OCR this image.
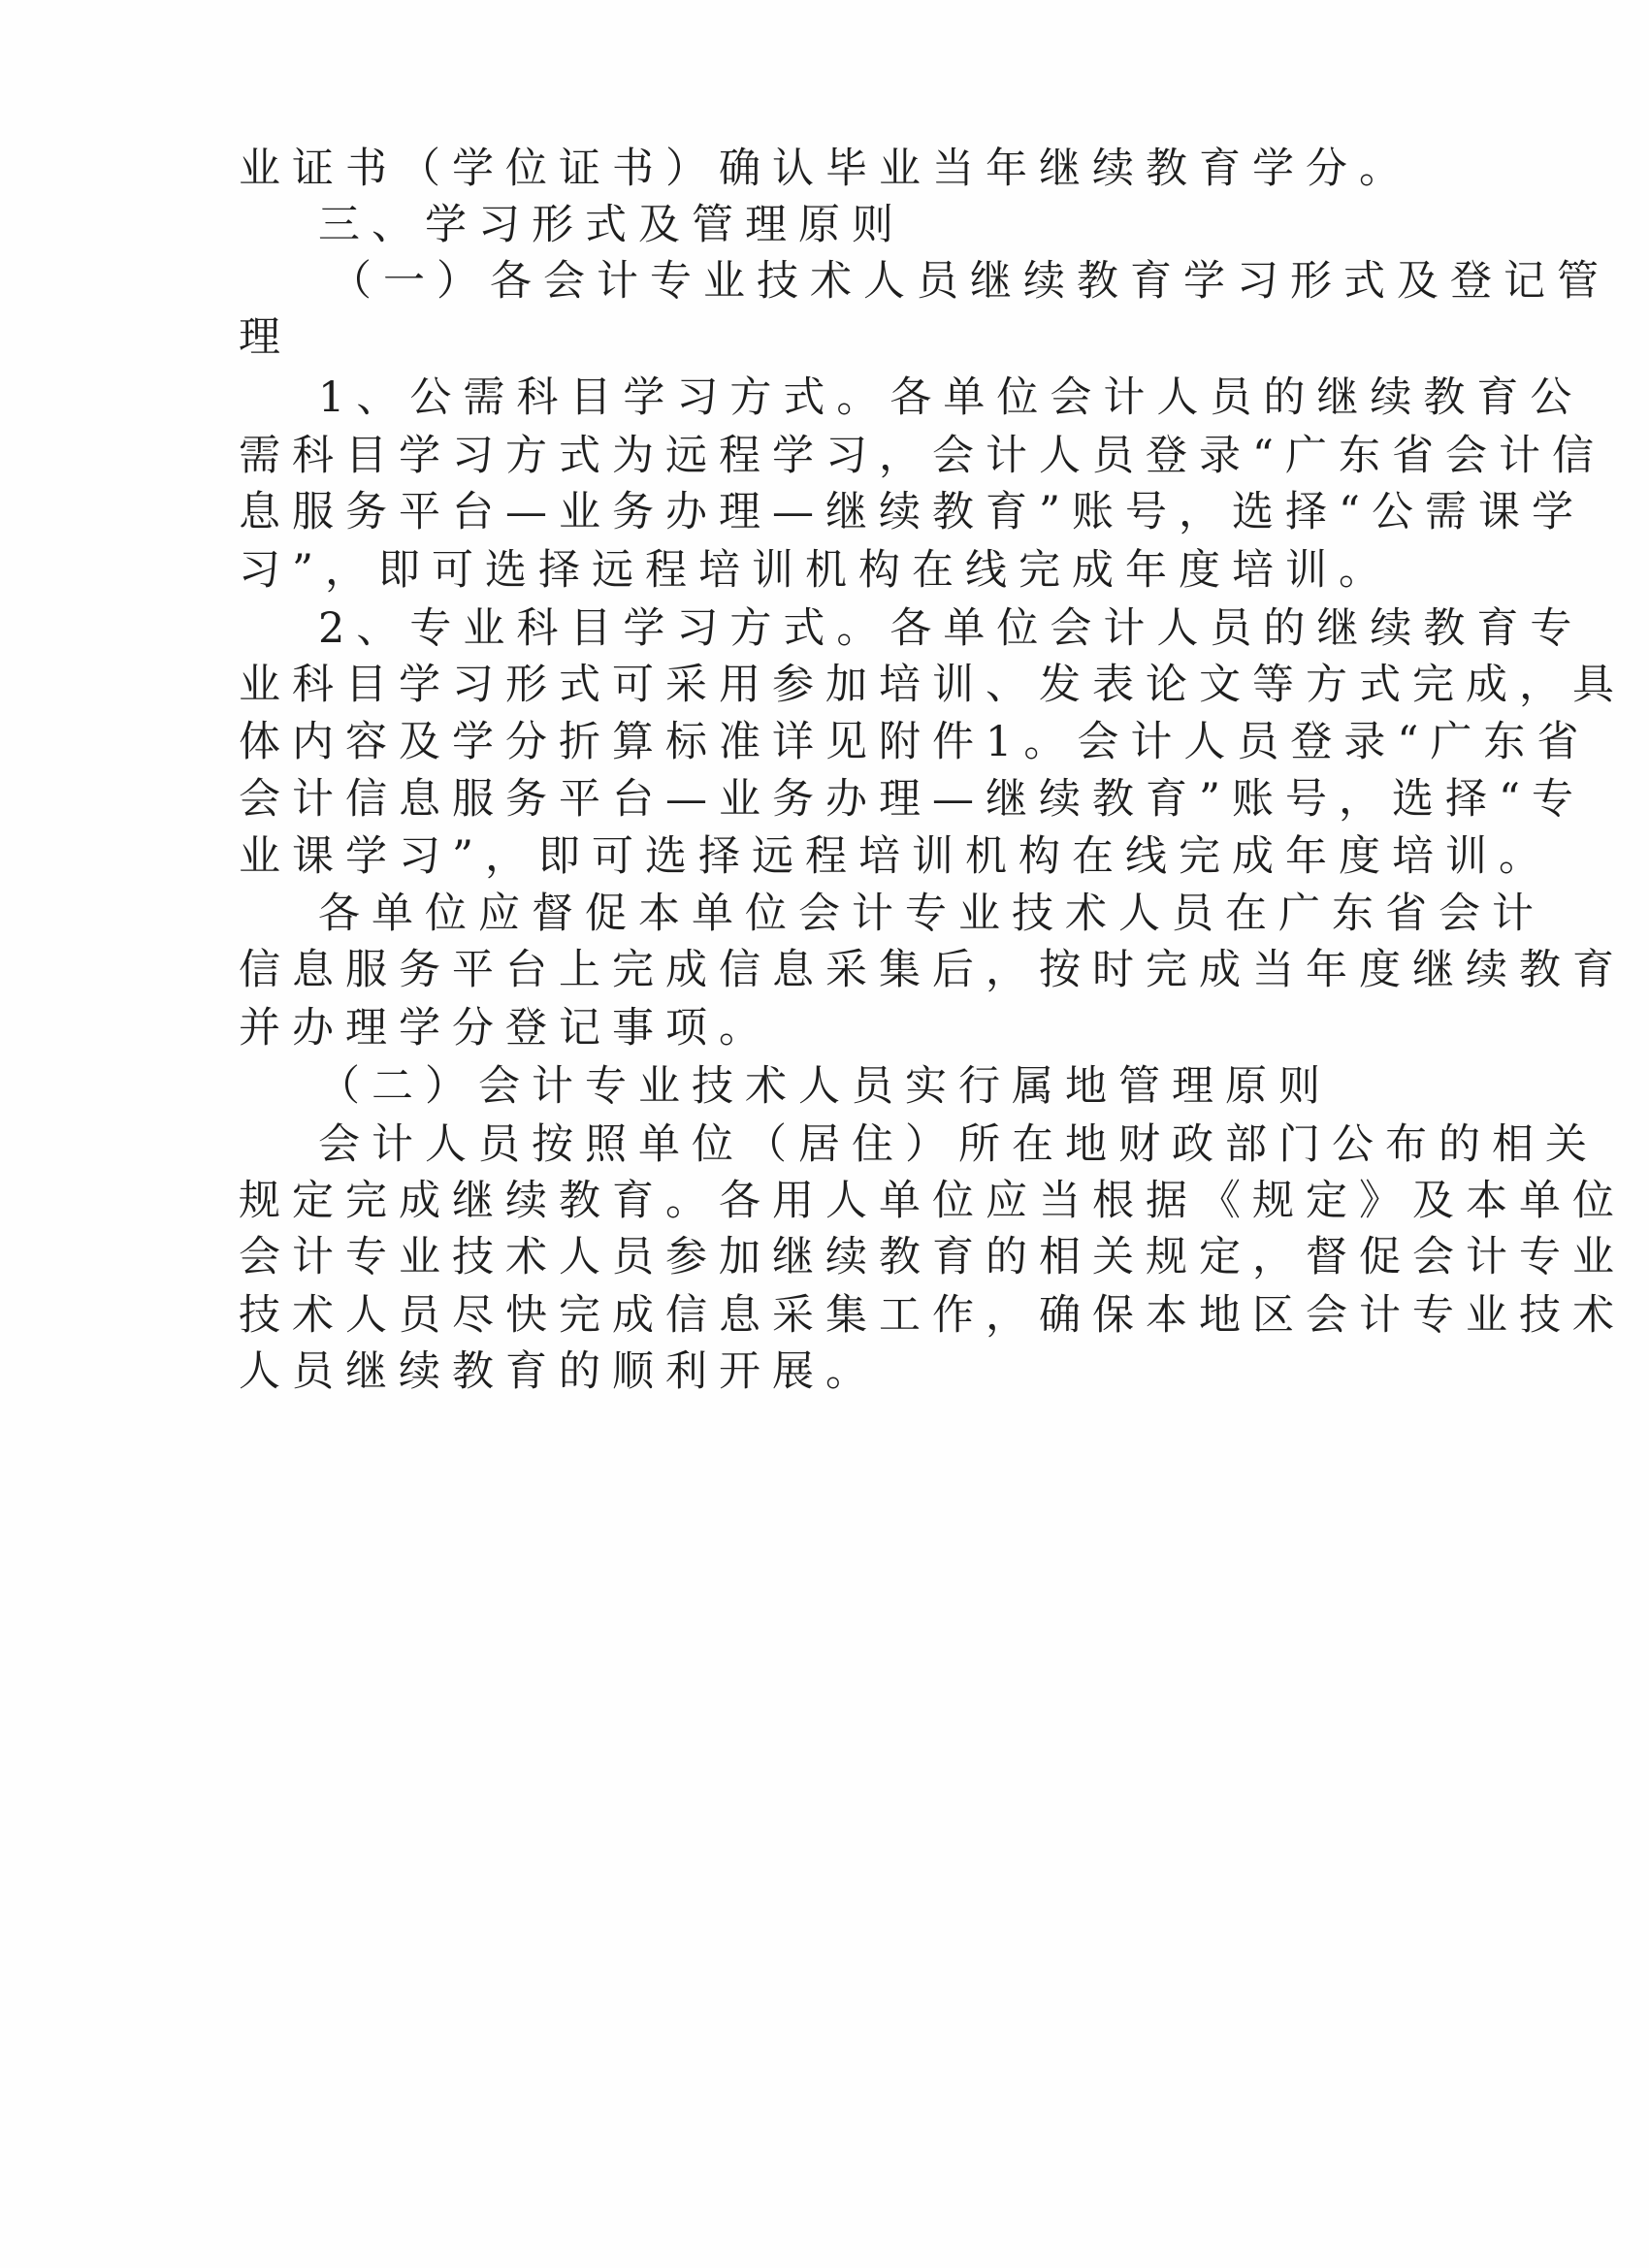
业证书（学位证书）确认毕业当年继续教育学分。
三、学习形式及管理原则
（一）各会计专业技术人员继续教育学习形式及登记管
理
1、公需科目学习方式。各单位会计人员的继续教育公
需科目学习方式为远程学习，会计人员登录“广东省会计信
息服务平台—业务办理—继续教育”账号，选择“公需课学
习”，即可选择远程培训机构在线完成年度培训。
2、专业科目学习方式。各单位会计人员的继续教育专
业科目学习形式可采用参加培训、发表论文等方式完成，具
体内容及学分折算标准详见附件1。会计人员登录“广东省
会计信息服务平台—业务办理—继续教育”账号，选择“专
业课学习”，即可选择远程培训机构在线完成年度培训。
各单位应督促本单位会计专业技术人员在广东省会计
信息服务平台上完成信息采集后，按时完成当年度继续教育
并办理学分登记事项。
（二）会计专业技术人员实行属地管理原则
会计人员按照单位（居住）所在地财政部门公布的相关
规定完成继续教育。各用人单位应当根据《规定》及本单位
会计专业技术人员参加继续教育的相关规定，督促会计专业
技术人员尽快完成信息采集工作，确保本地区会计专业技术
人员继续教育的顺利开展。
